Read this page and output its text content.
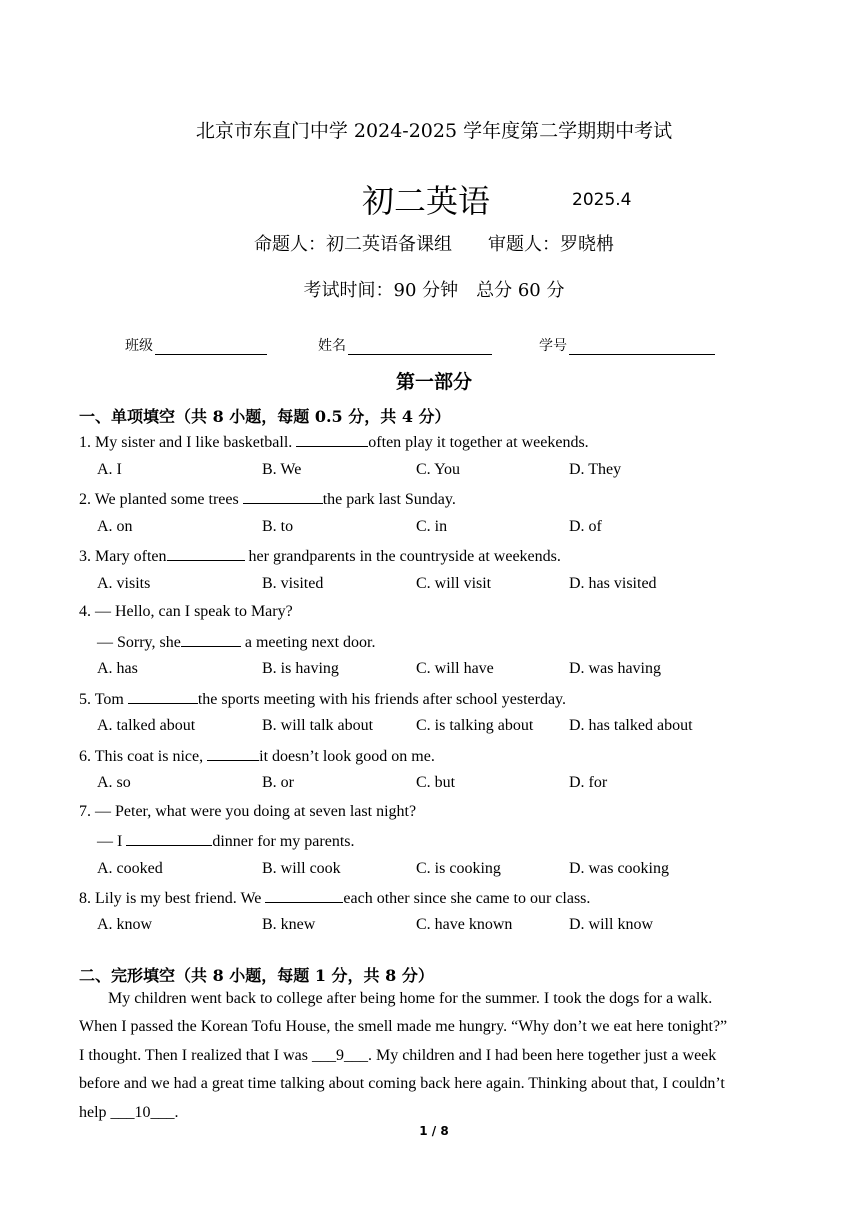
北京市东直门中学 2024-2025 学年度第二学期期中考试
初二英语	2025.4
命题人：初二英语备课组　　审题人：罗晓柟
考试时间：90 分钟　总分 60 分
班级	姓名	学号
第一部分
一、单项填空（共 8 小题，每题 0.5 分，共 4 分）
1. My sister and I like basketball.	often play it together at weekends.
A. I	B. We	C. You	D. They
2. We planted some trees	the park last Sunday.
A. on	B. to	C. in	D. of
3. Mary often	her grandparents in the countryside at weekends.
A. visits	B. visited	C. will visit	D. has visited
4. — Hello, can I speak to Mary?
— Sorry, she	a meeting next door.
A. has	B. is having	C. will have	D. was having
5. Tom	the sports meeting with his friends after school yesterday.
A. talked about	B. will talk about	C. is talking about D. has talked about
6. This coat is nice,	it doesn’t look good on me.
A. so	B. or	C. but	D. for
7. — Peter, what were you doing at seven last night?
— I	dinner for my parents.
A. cooked	B. will cook	C. is cooking	D. was cooking
8. Lily is my best friend. We	each other since she came to our class.
A. know	B. knew	C. have known	D. will know
二、完形填空（共 8 小题，每题 1 分，共 8 分）
My children went back to college after being home for the summer. I took the dogs for a walk.
When I passed the Korean Tofu House, the smell made me hungry. “Why don’t we eat here tonight?”
I thought. Then I realized that I was ___9___. My children and I had been here together just a week
before and we had a great time talking about coming back here again. Thinking about that, I couldn’t
help ___10___.
1 / 8
